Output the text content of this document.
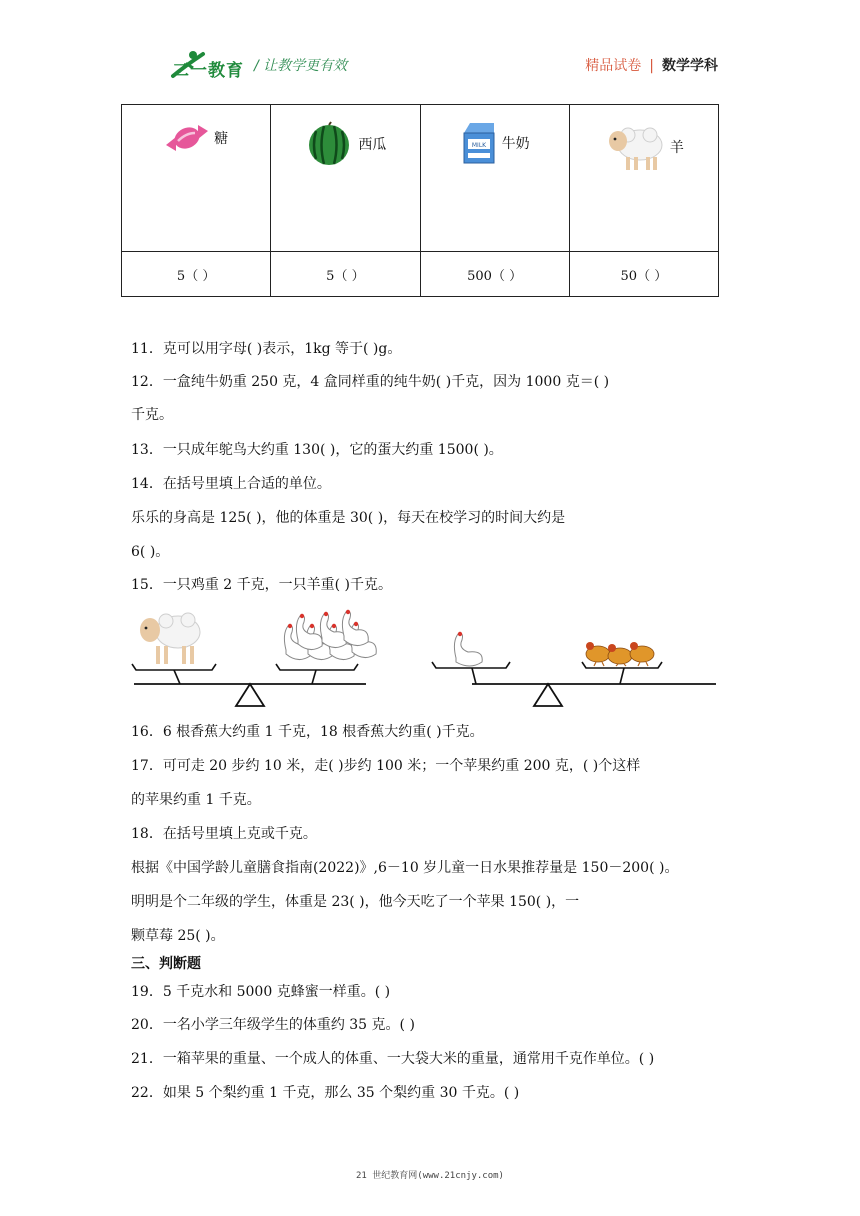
二一教育 / 让教学更有效	精品试卷 | 数学学科
糖	西瓜	MILK 牛奶	羊

5（ ）	5（ ）	500（ ）	50（ ）
11．克可以用字母( )表示，1kg 等于( )g。
12．一盒纯牛奶重 250 克，4 盒同样重的纯牛奶( )千克，因为 1000 克＝( )
千克。
13．一只成年鸵鸟大约重 130( )，它的蛋大约重 1500( )。
14．在括号里填上合适的单位。
乐乐的身高是 125( )，他的体重是 30( )，每天在校学习的时间大约是
6( )。
15．一只鸡重 2 千克，一只羊重( )千克。
16．6 根香蕉大约重 1 千克，18 根香蕉大约重( )千克。
17．可可走 20 步约 10 米，走( )步约 100 米；一个苹果约重 200 克，( )个这样
的苹果约重 1 千克。
18．在括号里填上克或千克。
根据《中国学龄儿童膳食指南(2022)》,6－10 岁儿童一日水果推荐量是 150－200( )。
明明是个二年级的学生，体重是 23( )，他今天吃了一个苹果 150( )，一
颗草莓 25( )。
三、判断题
19．5 千克水和 5000 克蜂蜜一样重。( )
20．一名小学三年级学生的体重约 35 克。( )
21．一箱苹果的重量、一个成人的体重、一大袋大米的重量，通常用千克作单位。( )
22．如果 5 个梨约重 1 千克，那么 35 个梨约重 30 千克。( )
21 世纪教育网(www.21cnjy.com)
